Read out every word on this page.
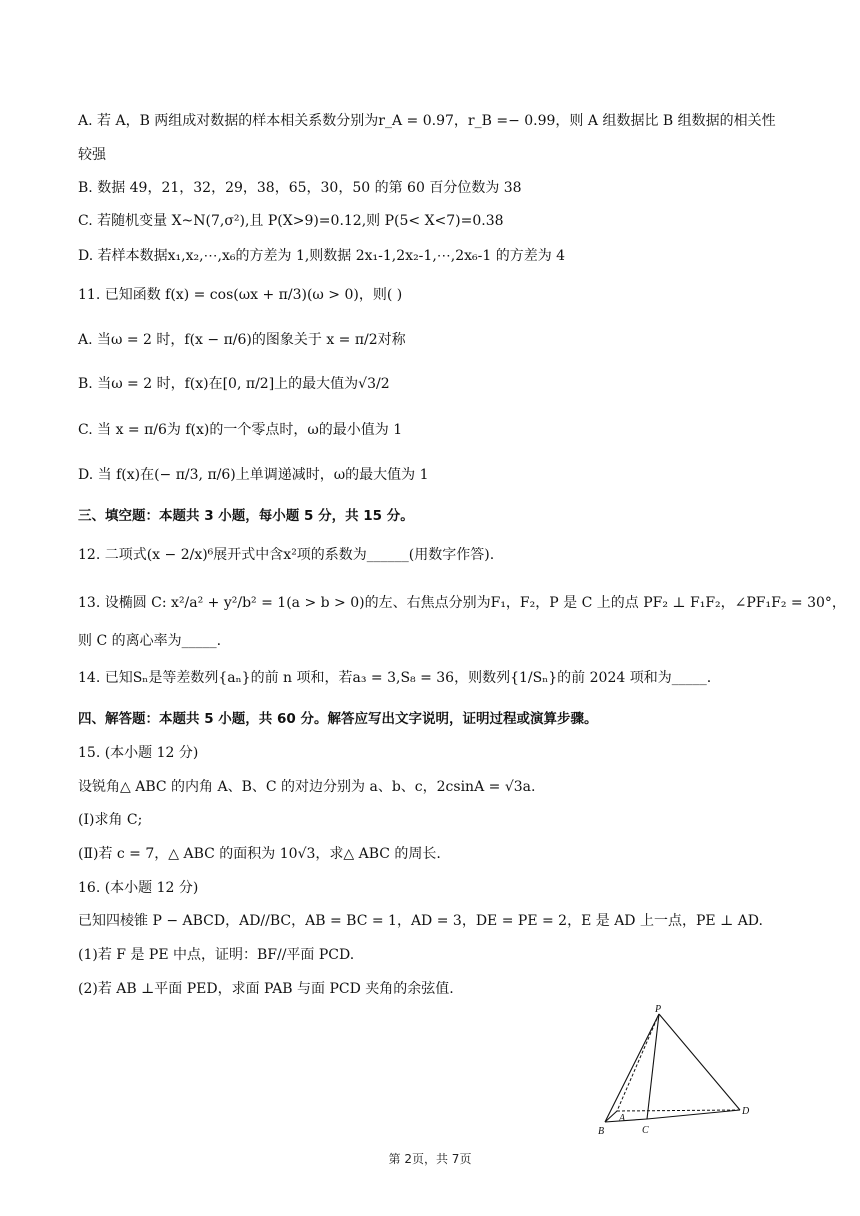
A. 若 A，B 两组成对数据的样本相关系数分别为r_A = 0.97，r_B =− 0.99，则 A 组数据比 B 组数据的相关性
较强
B. 数据 49，21，32，29，38，65，30，50 的第 60 百分位数为 38
C. 若随机变量 X~N(7,σ²),且 P(X>9)=0.12,则 P(5< X<7)=0.38
D. 若样本数据x₁,x₂,⋯,x₆的方差为 1,则数据 2x₁-1,2x₂-1,⋯,2x₆-1 的方差为 4
11. 已知函数 f(x) = cos(ωx + π/3)(ω > 0)，则( )
A. 当ω = 2 时，f(x − π/6)的图象关于 x = π/2对称
B. 当ω = 2 时，f(x)在[0, π/2]上的最大值为√3/2
C. 当 x = π/6为 f(x)的一个零点时，ω的最小值为 1
D. 当 f(x)在(− π/3, π/6)上单调递减时，ω的最大值为 1
三、填空题：本题共 3 小题，每小题 5 分，共 15 分。
12. 二项式(x − 2/x)⁶展开式中含x²项的系数为______(用数字作答).
13. 设椭圆 C: x²/a² + y²/b² = 1(a > b > 0)的左、右焦点分别为F₁，F₂，P 是 C 上的点 PF₂ ⊥ F₁F₂，∠PF₁F₂ = 30°，
则 C 的离心率为_____.
14. 已知Sₙ是等差数列{aₙ}的前 n 项和，若a₃ = 3,S₈ = 36，则数列{1/Sₙ}的前 2024 项和为_____.
四、解答题：本题共 5 小题，共 60 分。解答应写出文字说明，证明过程或演算步骤。
15. (本小题 12 分)
设锐角△ ABC 的内角 A、B、C 的对边分别为 a、b、c，2csinA = √3a.
(Ⅰ)求角 C;
(Ⅱ)若 c = 7，△ ABC 的面积为 10√3，求△ ABC 的周长.
16. (本小题 12 分)
已知四棱锥 P − ABCD，AD//BC，AB = BC = 1，AD = 3，DE = PE = 2，E 是 AD 上一点，PE ⊥ AD.
(1)若 F 是 PE 中点，证明：BF//平面 PCD.
(2)若 AB ⊥平面 PED，求面 PAB 与面 PCD 夹角的余弦值.
P
A
B	C
D
第 2页，共 7页
